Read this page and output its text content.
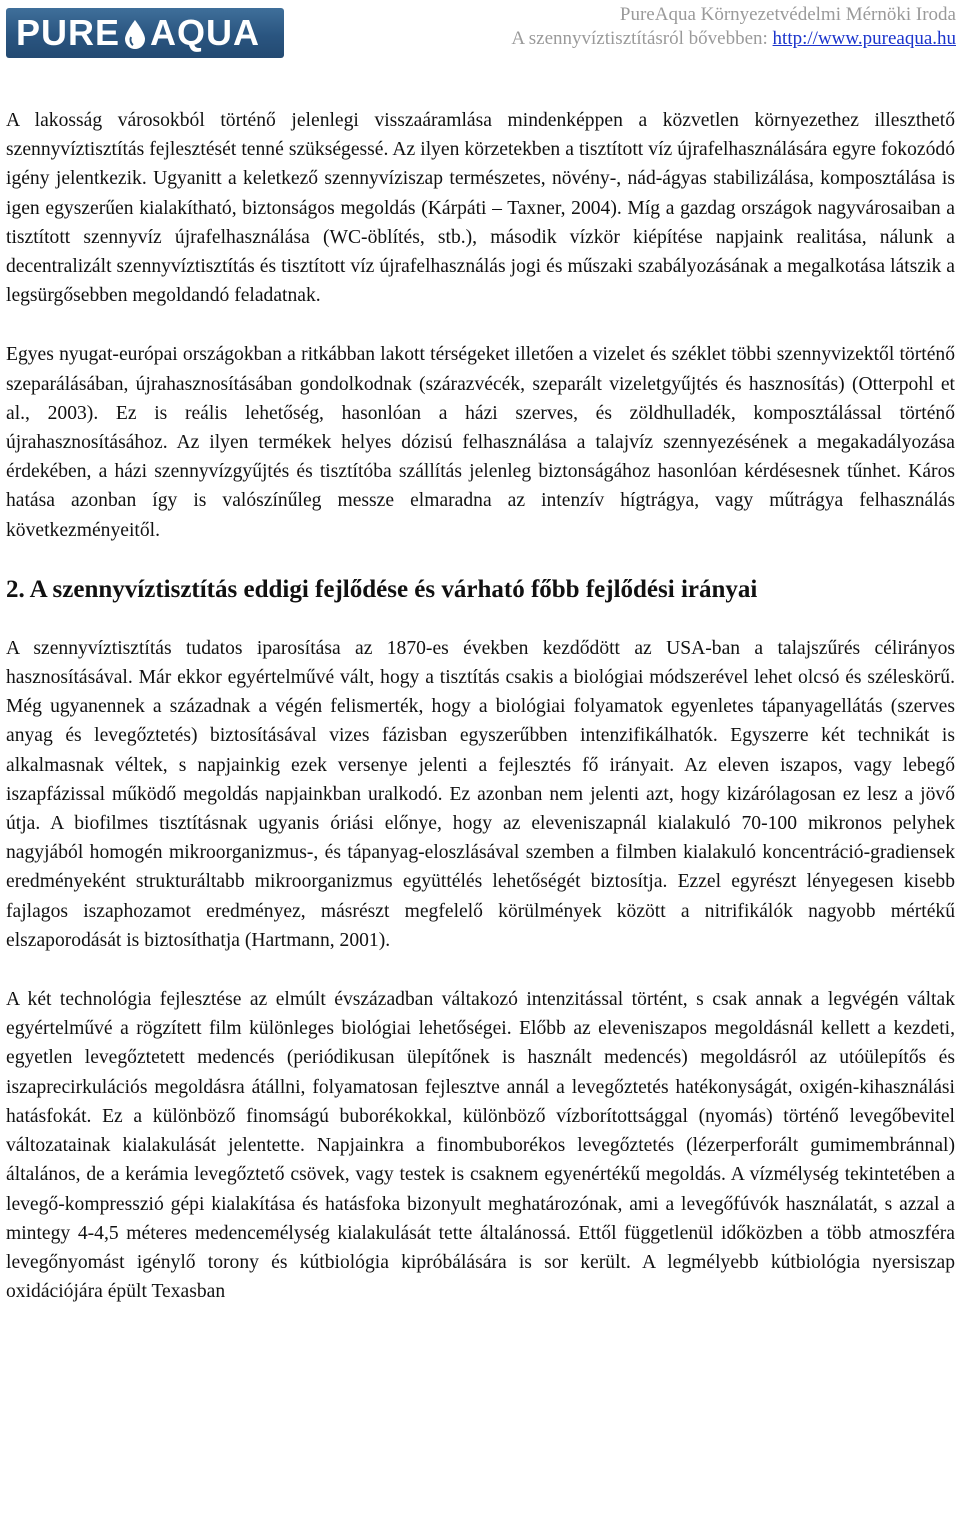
PURE AQUA	PureAqua Környezetvédelmi Mérnöki Iroda
A szennyvíztisztításról bővebben: http://www.pureaqua.hu

A lakosság városokból történő jelenlegi visszaáramlása mindenképpen a közvetlen környezethez illeszthető szennyvíztisztítás fejlesztését tenné szükségessé. Az ilyen körzetekben a tisztított víz újrafelhasználására egyre fokozódó igény jelentkezik. Ugyanitt a keletkező szennyvíziszap természetes, növény-, nád-ágyas stabilizálása, komposztálása is igen egyszerűen kialakítható, biztonságos megoldás (Kárpáti – Taxner, 2004). Míg a gazdag országok nagyvárosaiban a tisztított szennyvíz újrafelhasználása (WC-öblítés, stb.), második vízkör kiépítése napjaink realitása, nálunk a decentralizált szennyvíztisztítás és tisztított víz újrafelhasználás jogi és műszaki szabályozásának a megalkotása látszik a legsürgősebben megoldandó feladatnak.

Egyes nyugat-európai országokban a ritkábban lakott térségeket illetően a vizelet és széklet többi szennyvizektől történő szeparálásában, újrahasznosításában gondolkodnak (szárazvécék, szeparált vizeletgyűjtés és hasznosítás) (Otterpohl et al., 2003). Ez is reális lehetőség, hasonlóan a házi szerves, és zöldhulladék, komposztálással történő újrahasznosításához. Az ilyen termékek helyes dózisú felhasználása a talajvíz szennyezésének a megakadályozása érdekében, a házi szennyvízgyűjtés és tisztítóba szállítás jelenleg biztonságához hasonlóan kérdésesnek tűnhet. Káros hatása azonban így is valószínűleg messze elmaradna az intenzív hígtrágya, vagy műtrágya felhasználás következményeitől.

2. A szennyvíztisztítás eddigi fejlődése és várható főbb fejlődési irányai

A szennyvíztisztítás tudatos iparosítása az 1870-es években kezdődött az USA-ban a talajszűrés célirányos hasznosításával. Már ekkor egyértelművé vált, hogy a tisztítás csakis a biológiai módszerével lehet olcsó és széleskörű. Még ugyanennek a századnak a végén felismerték, hogy a biológiai folyamatok egyenletes tápanyagellátás (szerves anyag és levegőztetés) biztosításával vizes fázisban egyszerűbben intenzifikálhatók. Egyszerre két technikát is alkalmasnak véltek, s napjainkig ezek versenye jelenti a fejlesztés fő irányait. Az eleven iszapos, vagy lebegő iszapfázissal működő megoldás napjainkban uralkodó. Ez azonban nem jelenti azt, hogy kizárólagosan ez lesz a jövő útja. A biofilmes tisztításnak ugyanis óriási előnye, hogy az eleveniszapnál kialakuló 70-100 mikronos pelyhek nagyjából homogén mikroorganizmus-, és tápanyag-eloszlásával szemben a filmben kialakuló koncentráció-gradiensek eredményeként strukturáltabb mikroorganizmus együttélés lehetőségét biztosítja. Ezzel egyrészt lényegesen kisebb fajlagos iszaphozamot eredményez, másrészt megfelelő körülmények között a nitrifikálók nagyobb mértékű elszaporodását is biztosíthatja (Hartmann, 2001).

A két technológia fejlesztése az elmúlt évszázadban váltakozó intenzitással történt, s csak annak a legvégén váltak egyértelművé a rögzített film különleges biológiai lehetőségei. Előbb az eleveniszapos megoldásnál kellett a kezdeti, egyetlen levegőztetett medencés (periódikusan ülepítőnek is használt medencés) megoldásról az utóülepítős és iszaprecirkulációs megoldásra átállni, folyamatosan fejlesztve annál a levegőztetés hatékonyságát, oxigén-kihasználási hatásfokát. Ez a különböző finomságú buborékokkal, különböző vízborítottsággal (nyomás) történő levegőbevitel változatainak kialakulását jelentette. Napjainkra a finombuborékos levegőztetés (lézerperforált gumimembránnal) általános, de a kerámia levegőztető csövek, vagy testek is csaknem egyenértékű megoldás. A vízmélység tekintetében a levegő-kompresszió gépi kialakítása és hatásfoka bizonyult meghatározónak, ami a levegőfúvók használatát, s azzal a mintegy 4-4,5 méteres medencemélység kialakulását tette általánossá. Ettől függetlenül időközben a több atmoszféra levegőnyomást igénylő torony és kútbiológia kipróbálására is sor került. A legmélyebb kútbiológia nyersiszap oxidációjára épült Texasban
